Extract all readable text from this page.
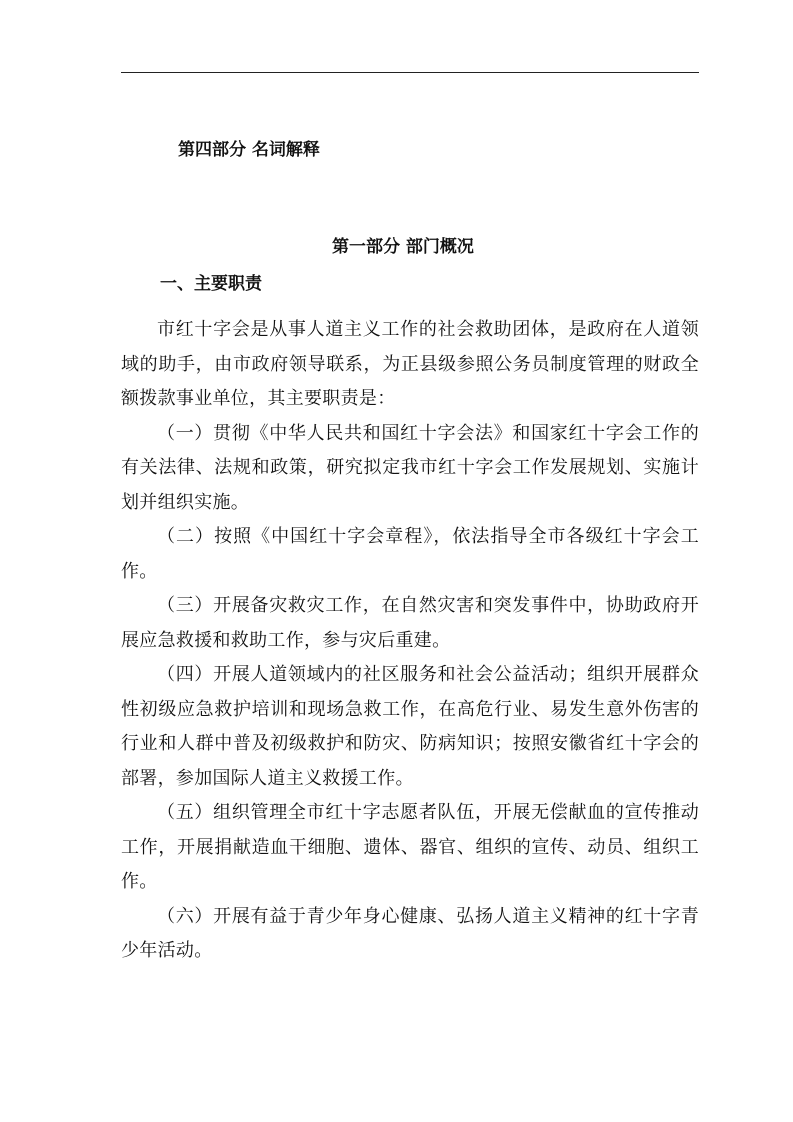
第四部分 名词解释
第一部分 部门概况
一、主要职责

市红十字会是从事人道主义工作的社会救助团体，是政府在人道领域的助手，由市政府领导联系，为正县级参照公务员制度管理的财政全额拨款事业单位，其主要职责是：

（一）贯彻《中华人民共和国红十字会法》和国家红十字会工作的有关法律、法规和政策，研究拟定我市红十字会工作发展规划、实施计划并组织实施。

（二）按照《中国红十字会章程》，依法指导全市各级红十字会工作。

（三）开展备灾救灾工作，在自然灾害和突发事件中，协助政府开展应急救援和救助工作，参与灾后重建。

（四）开展人道领域内的社区服务和社会公益活动；组织开展群众性初级应急救护培训和现场急救工作，在高危行业、易发生意外伤害的行业和人群中普及初级救护和防灾、防病知识；按照安徽省红十字会的部署，参加国际人道主义救援工作。

（五）组织管理全市红十字志愿者队伍，开展无偿献血的宣传推动工作，开展捐献造血干细胞、遗体、器官、组织的宣传、动员、组织工作。

（六）开展有益于青少年身心健康、弘扬人道主义精神的红十字青少年活动。
